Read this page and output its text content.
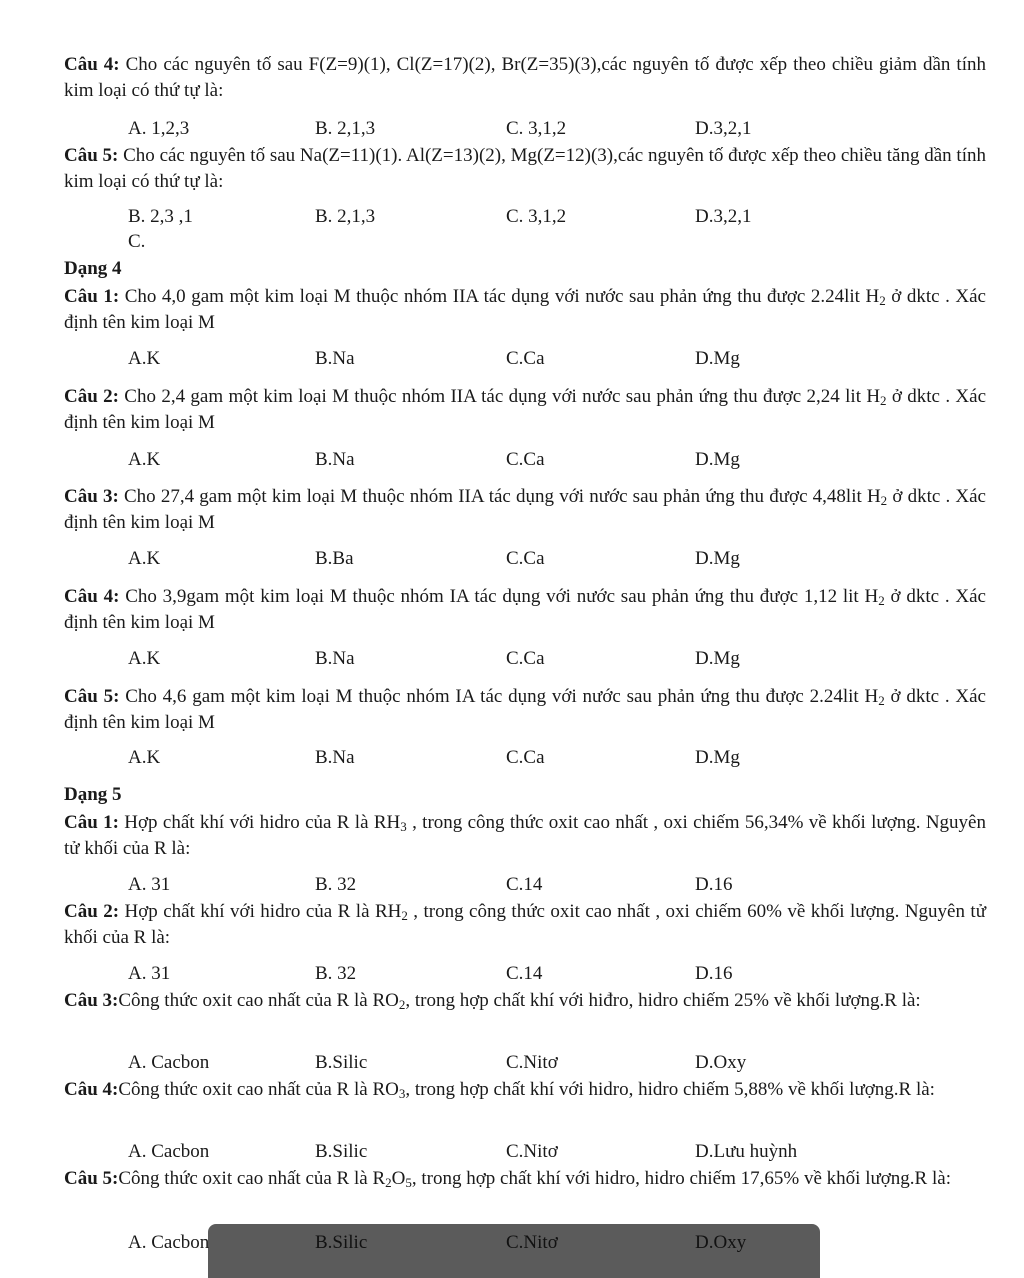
Câu 4: Cho các nguyên tố sau F(Z=9)(1), Cl(Z=17)(2), Br(Z=35)(3),các nguyên tố được xếp theo chiều giảm dần tính kim loại có thứ tự là:
A. 1,2,3	B. 2,1,3	C. 3,1,2	D.3,2,1
Câu 5: Cho các nguyên tố sau Na(Z=11)(1). Al(Z=13)(2), Mg(Z=12)(3),các nguyên tố được xếp theo chiều tăng dần tính kim loại có thứ tự là:
B. 2,3 ,1	B. 2,1,3	C. 3,1,2	D.3,2,1
C.
Dạng 4
Câu 1: Cho 4,0 gam một kim loại M thuộc nhóm IIA tác dụng với nước sau phản ứng thu được 2.24lit $H_2$ ở dktc . Xác định tên kim loại M
A.K	B.Na	C.Ca	D.Mg
Câu 2: Cho 2,4 gam một kim loại M thuộc nhóm IIA tác dụng với nước sau phản ứng thu được 2,24 lit $H_2$ ở dktc . Xác định tên kim loại M
A.K	B.Na	C.Ca	D.Mg
Câu 3: Cho 27,4 gam một kim loại M thuộc nhóm IIA tác dụng với nước sau phản ứng thu được 4,48lit $H_2$ ở dktc . Xác định tên kim loại M
A.K	B.Ba	C.Ca	D.Mg
Câu 4: Cho 3,9gam một kim loại M thuộc nhóm IA tác dụng với nước sau phản ứng thu được 1,12 lit $H_2$ ở dktc . Xác định tên kim loại M
A.K	B.Na	C.Ca	D.Mg
Câu 5: Cho 4,6 gam một kim loại M thuộc nhóm IA tác dụng với nước sau phản ứng thu được 2.24lit $H_2$ ở dktc . Xác định tên kim loại M
A.K	B.Na	C.Ca	D.Mg
Dạng 5
Câu 1: Hợp chất khí với hidro của R là $RH_3$ , trong công thức oxit cao nhất , oxi chiếm 56,34% về khối lượng. Nguyên tử khối của R là:
A. 31	B. 32	C.14	D.16
Câu 2: Hợp chất khí với hidro của R là $RH_2$ , trong công thức oxit cao nhất , oxi chiếm 60% về khối lượng. Nguyên tử khối của R là:
A. 31	B. 32	C.14	D.16
Câu 3:Công thức oxit cao nhất của R là $RO_2$, trong hợp chất khí với hiđro, hidro chiếm 25% về khối lượng.R là:
A. Cacbon	B.Silic	C.Nitơ	D.Oxy
Câu 4:Công thức oxit cao nhất của R là $RO_3$, trong hợp chất khí với hidro, hidro chiếm 5,88% về khối lượng.R là:
A. Cacbon	B.Silic	C.Nitơ	D.Lưu huỳnh
Câu 5:Công thức oxit cao nhất của R là $R_2O_5$, trong hợp chất khí với hidro, hidro chiếm 17,65% về khối lượng.R là:
A. Cacbon	B.Silic	C.Nitơ	D.Oxy
